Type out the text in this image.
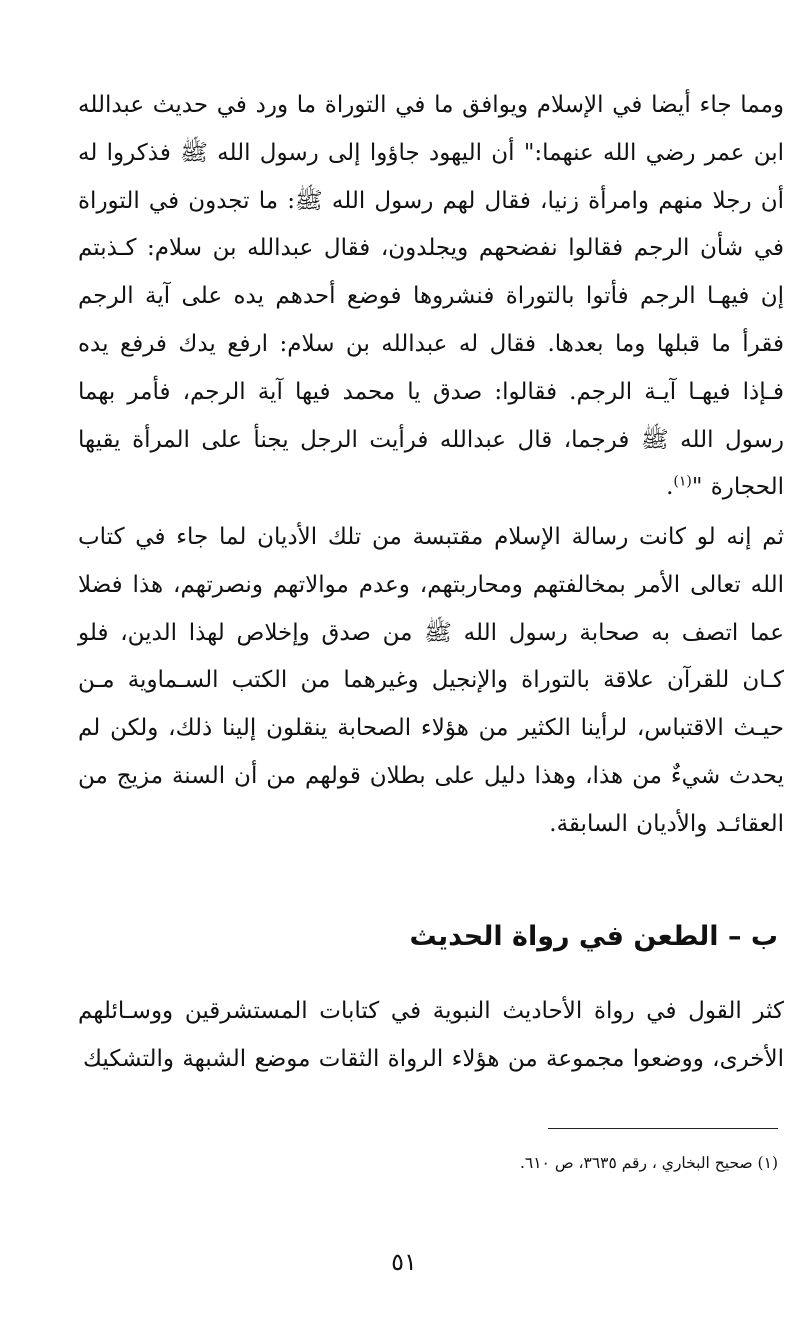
ومما جاء أيضا في الإسلام ويوافق ما في التوراة ما ورد في حديث عبدالله ابن عمر رضي الله عنهما:" أن اليهود جاؤوا إلى رسول الله ﷺ فذكروا له أن رجلا منهم وامرأة زنيا، فقال لهم رسول الله ﷺ: ما تجدون في التوراة في شأن الرجم فقالوا نفضحهم ويجلدون، فقال عبدالله بن سلام: كـذبتم إن فيهـا الرجم فأتوا بالتوراة فنشروها فوضع أحدهم يده على آية الرجم فقرأ ما قبلها وما بعدها. فقال له عبدالله بن سلام: ارفع يدك فرفع يده فـإذا فيهـا آيـة الرجم. فقالوا: صدق يا محمد فيها آية الرجم، فأمر بهما رسول الله ﷺ فرجما، قال عبدالله فرأيت الرجل يجنأ على المرأة يقيها الحجارة "$^{(١)}$.

ثم إنه لو كانت رسالة الإسلام مقتبسة من تلك الأديان لما جاء في كتاب الله تعالى الأمر بمخالفتهم ومحاربتهم، وعدم موالاتهم ونصرتهم، هذا فضلا عما اتصف به صحابة رسول الله ﷺ من صدق وإخلاص لهذا الدين، فلو كـان للقرآن علاقة بالتوراة والإنجيل وغيرهما من الكتب السـماوية مـن حيـث الاقتباس، لرأينا الكثير من هؤلاء الصحابة ينقلون إلينا ذلك، ولكن لم يحدث شيءٌ من هذا، وهذا دليل على بطلان قولهم من أن السنة مزيج من العقائـد والأديان السابقة.

ب – الطعن في رواة الحديث

كثر القول في رواة الأحاديث النبوية في كتابات المستشرقين ووسـائلهم الأخرى، ووضعوا مجموعة من هؤلاء الرواة الثقات موضع الشبهة والتشكيك

(١) صحيح البخاري ، رقم ٣٦٣٥، ص ٦١٠.

٥١
